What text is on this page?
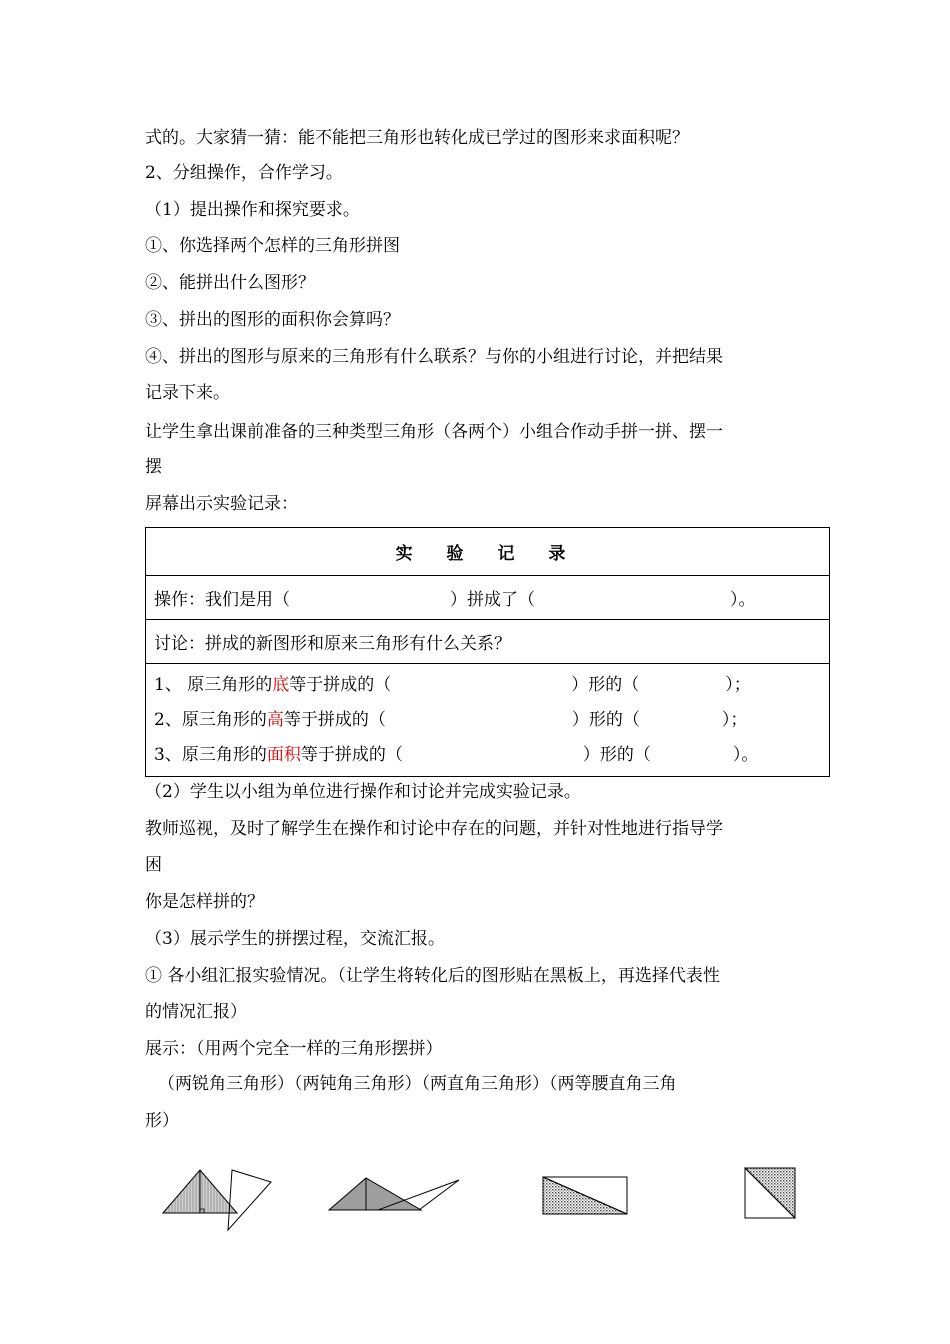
式的。大家猜一猜：能不能把三角形也转化成已学过的图形来求面积呢？
2、分组操作，合作学习。
（1）提出操作和探究要求。
①、你选择两个怎样的三角形拼图
②、能拼出什么图形？
③、拼出的图形的面积你会算吗？
④、拼出的图形与原来的三角形有什么联系？与你的小组进行讨论，并把结果
记录下来。
让学生拿出课前准备的三种类型三角形（各两个）小组合作动手拼一拼、摆一
摆
屏幕出示实验记录：
实 验 记 录
操作：我们是用（	）拼成了（	）。
讨论：拼成的新图形和原来三角形有什么关系？

1、 原三角形的底等于拼成的（	）形的（	）；
2、原三角形的高等于拼成的（	）形的（	）；
3、原三角形的面积等于拼成的（	）形的（	）。
（2）学生以小组为单位进行操作和讨论并完成实验记录。
教师巡视，及时了解学生在操作和讨论中存在的问题，并针对性地进行指导学
困
你是怎样拼的？
（3）展示学生的拼摆过程，交流汇报。
① 各小组汇报实验情况。（让学生将转化后的图形贴在黑板上，再选择代表性
的情况汇报）
展示：（用两个完全一样的三角形摆拼）
（两锐角三角形）（两钝角三角形）（两直角三角形）（两等腰直角三角
形）
